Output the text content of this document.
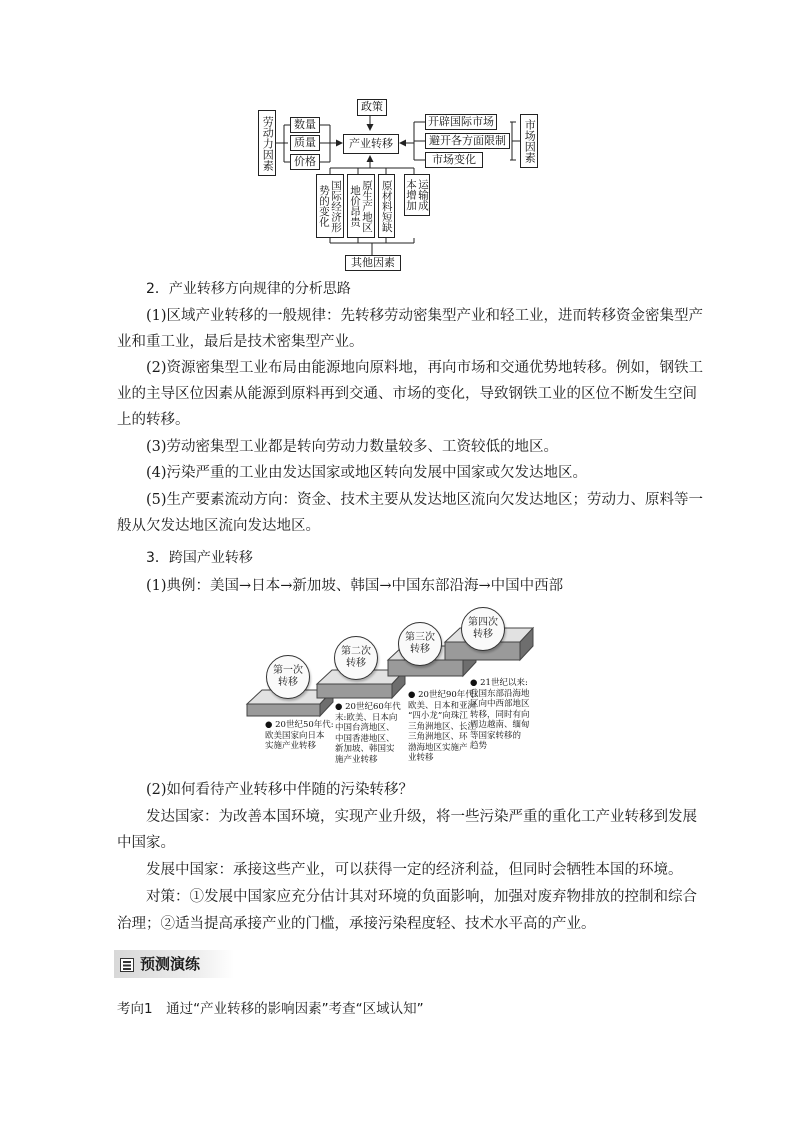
政策
产业转移
劳动力因素	数量
质量
价格
开辟国际市场
避开各方面限制
市场变化	市场因素
国际经济形势的变化	原生产地区地价昂贵	原材料短缺	运输成本增加
其他因素
2．产业转移方向规律的分析思路
(1)区域产业转移的一般规律：先转移劳动密集型产业和轻工业，进而转移资金密集型产
业和重工业，最后是技术密集型产业。
(2)资源密集型工业布局由能源地向原料地，再向市场和交通优势地转移。例如，钢铁工
业的主导区位因素从能源到原料再到交通、市场的变化，导致钢铁工业的区位不断发生空间
上的转移。
(3)劳动密集型工业都是转向劳动力数量较多、工资较低的地区。
(4)污染严重的工业由发达国家或地区转向发展中国家或欠发达地区。
(5)生产要素流动方向：资金、技术主要从发达地区流向欠发达地区；劳动力、原料等一
般从欠发达地区流向发达地区。
3．跨国产业转移
(1)典例：美国→日本→新加坡、韩国→中国东部沿海→中国中西部
第一次
转移
第二次
转移
第三次
转移
第四次
转移
● 20世纪50年代:
欧美国家向日本
实施产业转移
● 20世纪60年代
末:欧美、日本向
中国台湾地区、
中国香港地区、
新加坡、韩国实
施产业转移
● 20世纪90年代:
欧美、日本和亚洲
“四小龙”向珠江
三角洲地区、长江
三角洲地区、环
渤海地区实施产
业转移
● 21世纪以来:
我国东部沿海地
区向中西部地区
转移，同时有向
周边越南、缅甸
等国家转移的
趋势
(2)如何看待产业转移中伴随的污染转移？
发达国家：为改善本国环境，实现产业升级，将一些污染严重的重化工产业转移到发展
中国家。
发展中国家：承接这些产业，可以获得一定的经济利益，但同时会牺牲本国的环境。
对策：①发展中国家应充分估计其对环境的负面影响，加强对废弃物排放的控制和综合
治理；②适当提高承接产业的门槛，承接污染程度轻、技术水平高的产业。
预测演练
考向1　通过“产业转移的影响因素”考查“区域认知”
